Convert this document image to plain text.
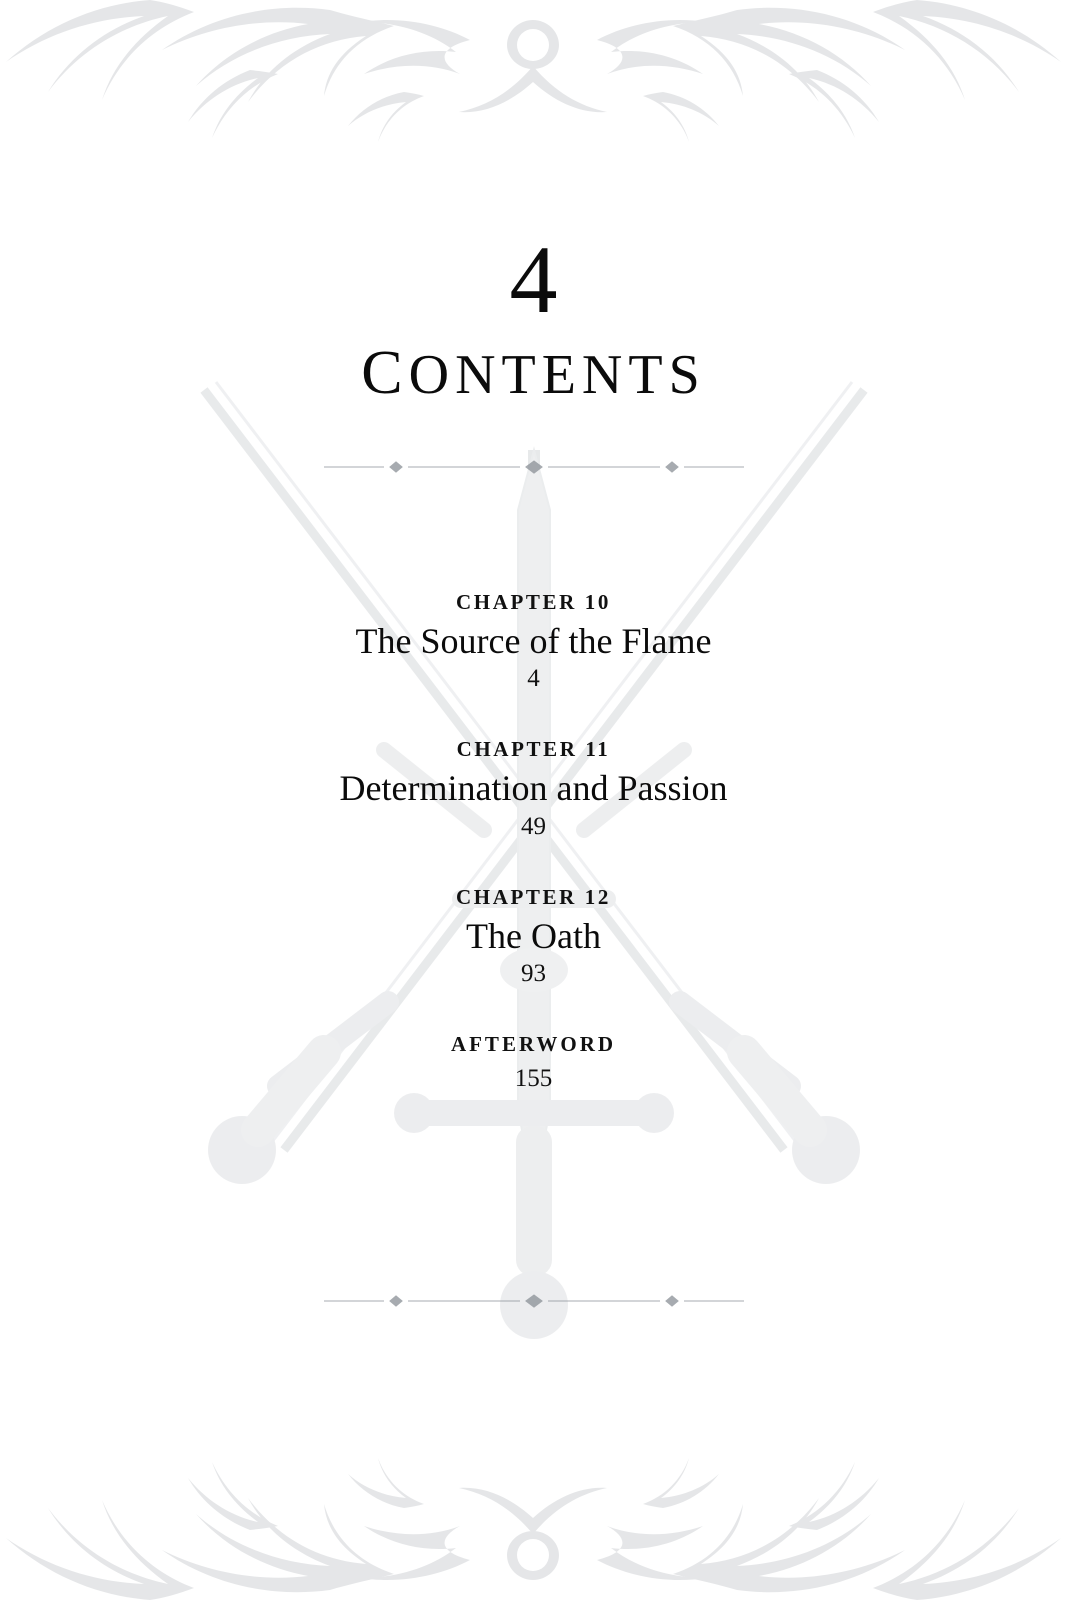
4
CONTENTS
CHAPTER 10
The Source of the Flame
4
CHAPTER 11
Determination and Passion
49
CHAPTER 12
The Oath
93
AFTERWORD
155
